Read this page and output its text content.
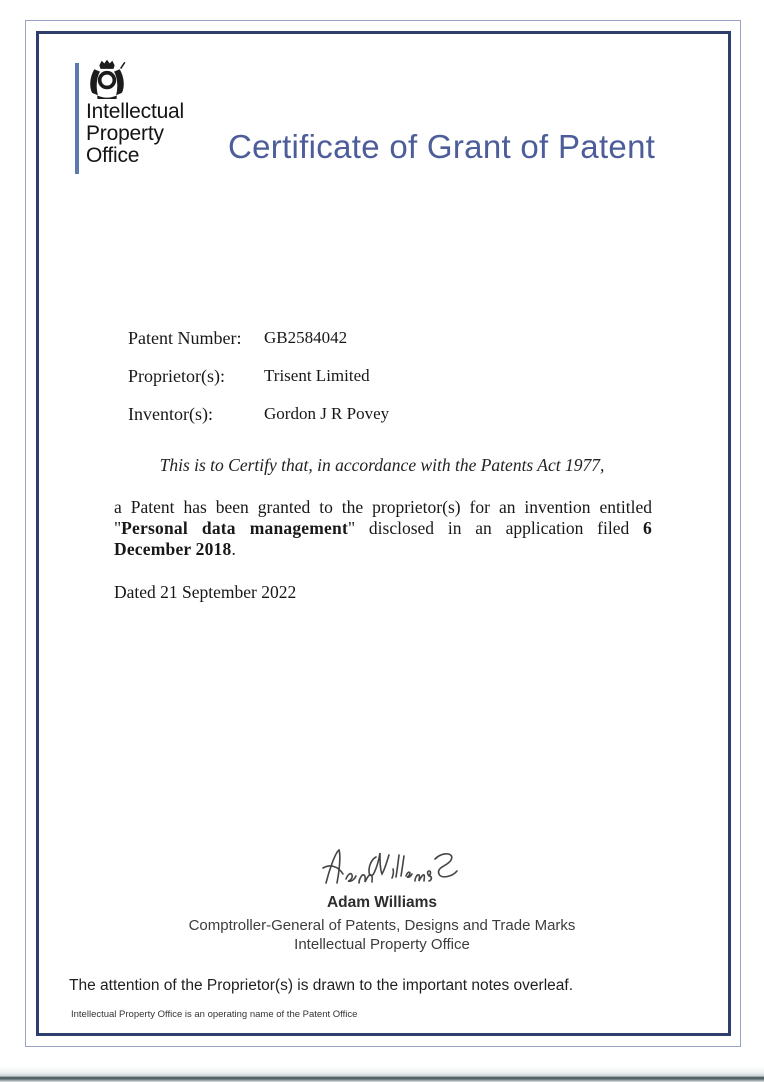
Intellectual
Property
Office	Certificate of Grant of Patent
Patent Number:	GB2584042
Proprietor(s):	Trisent Limited
Inventor(s):	Gordon J R Povey
This is to Certify that, in accordance with the Patents Act 1977,
a Patent has been granted to the proprietor(s) for an invention entitled "Personal data management" disclosed in an application filed 6 December 2018.
Dated 21 September 2022
Adam Williams
Comptroller-General of Patents, Designs and Trade Marks
Intellectual Property Office
The attention of the Proprietor(s) is drawn to the important notes overleaf.
Intellectual Property Office is an operating name of the Patent Office
